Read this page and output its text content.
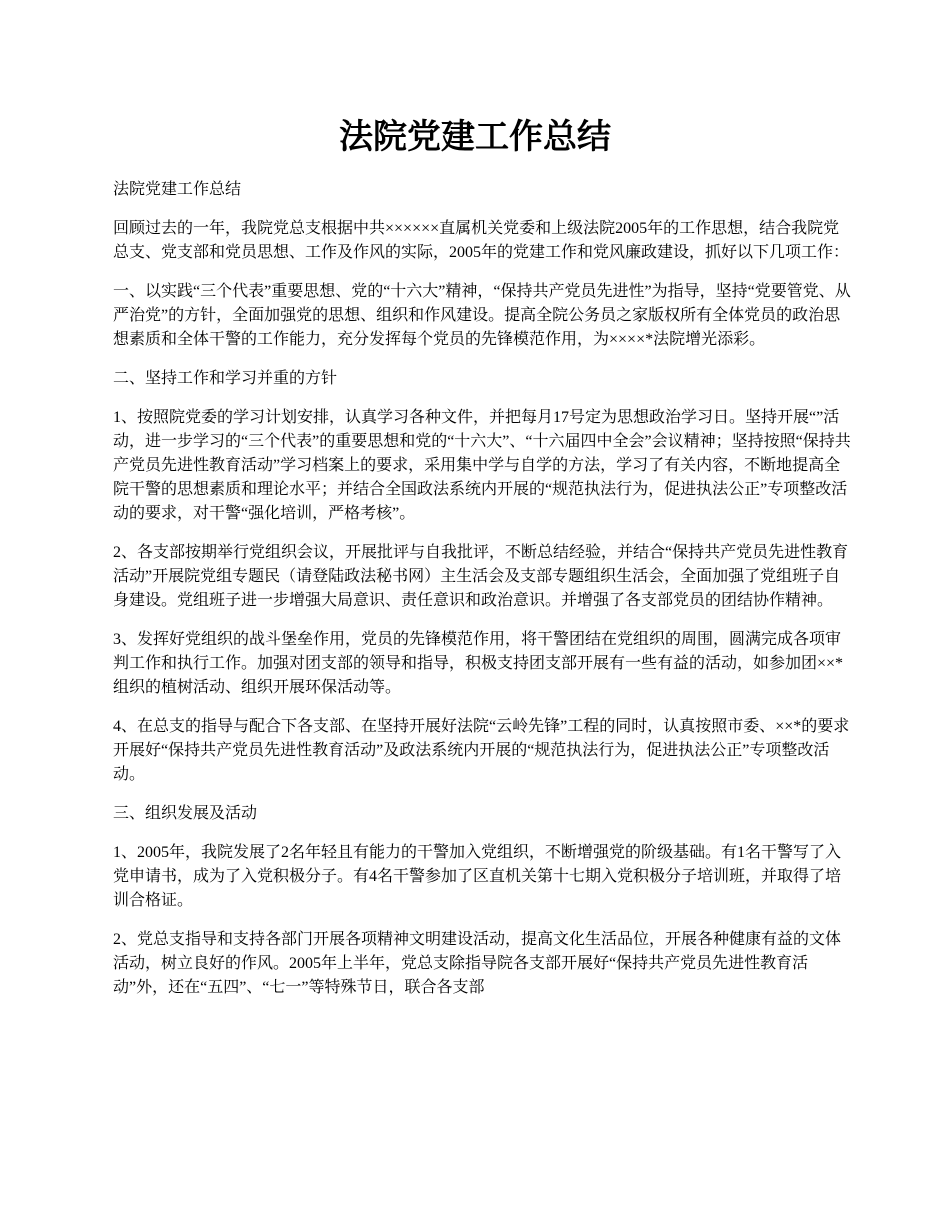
法院党建工作总结

法院党建工作总结

回顾过去的一年，我院党总支根据中共××××××直属机关党委和上级法院2005年的工作思想，结合我院党总支、党支部和党员思想、工作及作风的实际，2005年的党建工作和党风廉政建设，抓好以下几项工作：

一、以实践“三个代表”重要思想、党的“十六大”精神，“保持共产党员先进性”为指导，坚持“党要管党、从严治党”的方针，全面加强党的思想、组织和作风建设。提高全院公务员之家版权所有全体党员的政治思想素质和全体干警的工作能力，充分发挥每个党员的先锋模范作用，为××××*法院增光添彩。

二、坚持工作和学习并重的方针

1、按照院党委的学习计划安排，认真学习各种文件，并把每月17号定为思想政治学习日。坚持开展“”活动，进一步学习的“三个代表”的重要思想和党的“十六大”、“十六届四中全会”会议精神；坚持按照“保持共产党员先进性教育活动”学习档案上的要求，采用集中学与自学的方法，学习了有关内容，不断地提高全院干警的思想素质和理论水平；并结合全国政法系统内开展的“规范执法行为，促进执法公正”专项整改活动的要求，对干警“强化培训，严格考核”。

2、各支部按期举行党组织会议，开展批评与自我批评，不断总结经验，并结合“保持共产党员先进性教育活动”开展院党组专题民（请登陆政法秘书网）主生活会及支部专题组织生活会，全面加强了党组班子自身建设。党组班子进一步增强大局意识、责任意识和政治意识。并增强了各支部党员的团结协作精神。

3、发挥好党组织的战斗堡垒作用，党员的先锋模范作用，将干警团结在党组织的周围，圆满完成各项审判工作和执行工作。加强对团支部的领导和指导，积极支持团支部开展有一些有益的活动，如参加团××*组织的植树活动、组织开展环保活动等。

4、在总支的指导与配合下各支部、在坚持开展好法院“云岭先锋”工程的同时，认真按照市委、××*的要求开展好“保持共产党员先进性教育活动”及政法系统内开展的“规范执法行为，促进执法公正”专项整改活动。

三、组织发展及活动

1、2005年，我院发展了2名年轻且有能力的干警加入党组织，不断增强党的阶级基础。有1名干警写了入党申请书，成为了入党积极分子。有4名干警参加了区直机关第十七期入党积极分子培训班，并取得了培训合格证。

2、党总支指导和支持各部门开展各项精神文明建设活动，提高文化生活品位，开展各种健康有益的文体活动，树立良好的作风。2005年上半年，党总支除指导院各支部开展好“保持共产党员先进性教育活动”外，还在“五四”、“七一”等特殊节日，联合各支部
